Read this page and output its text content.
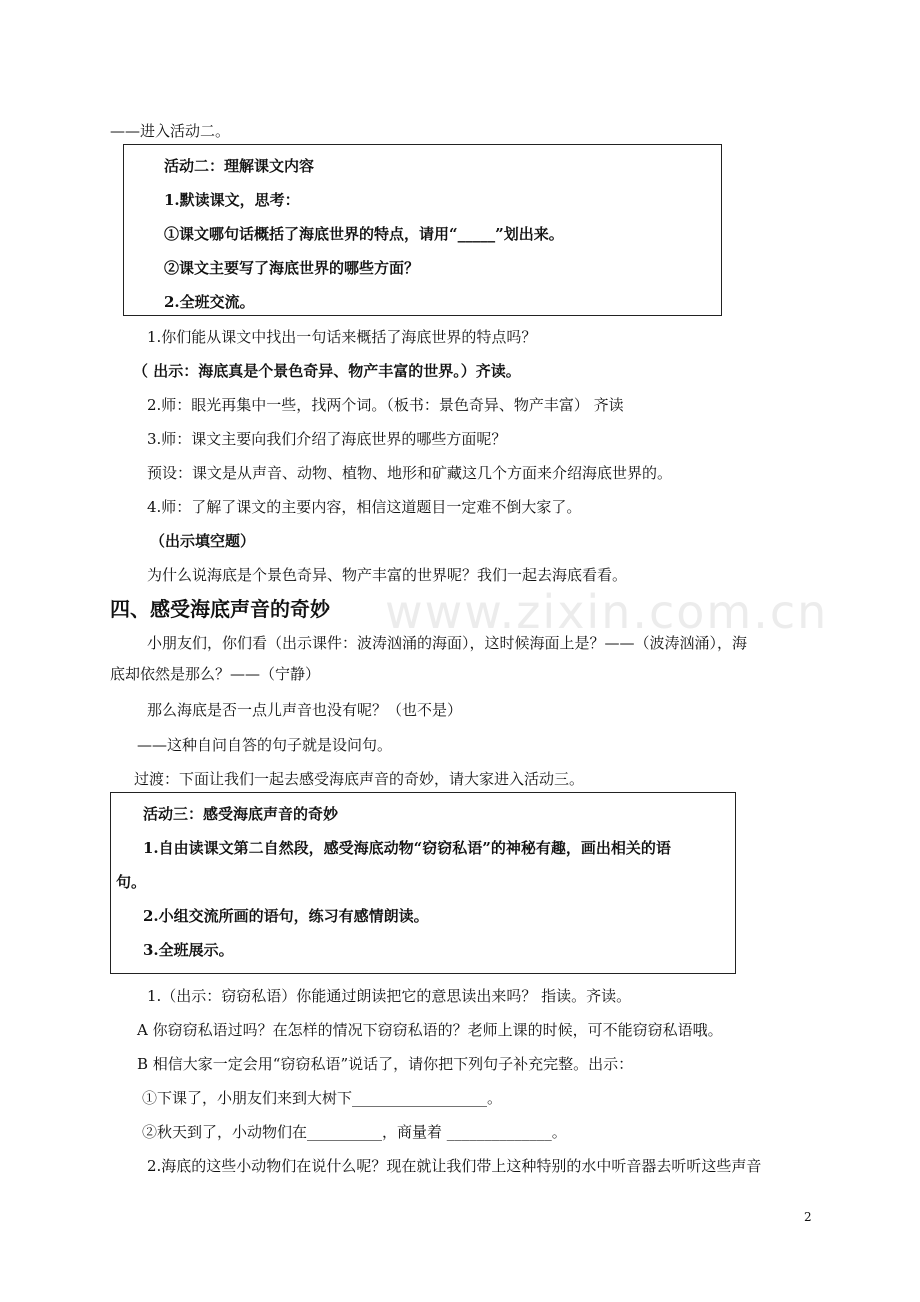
www.zixin.com.cn
——进入活动二。
活动二：理解课文内容
1.默读课文，思考：
①课文哪句话概括了海底世界的特点，请用“_____”划出来。
②课文主要写了海底世界的哪些方面？
2.全班交流。
1.你们能从课文中找出一句话来概括了海底世界的特点吗？
（ 出示：海底真是个景色奇异、物产丰富的世界。）齐读。
2.师：眼光再集中一些，找两个词。（板书：景色奇异、物产丰富） 齐读
3.师：课文主要向我们介绍了海底世界的哪些方面呢？
预设：课文是从声音、动物、植物、地形和矿藏这几个方面来介绍海底世界的。
4.师：了解了课文的主要内容，相信这道题目一定难不倒大家了。
（出示填空题）
为什么说海底是个景色奇异、物产丰富的世界呢？我们一起去海底看看。
四、感受海底声音的奇妙
小朋友们，你们看（出示课件：波涛汹涌的海面），这时候海面上是？——（波涛汹涌），海
底却依然是那么？——（宁静）
那么海底是否一点儿声音也没有呢？（也不是）
——这种自问自答的句子就是设问句。
过渡：下面让我们一起去感受海底声音的奇妙，请大家进入活动三。
活动三：感受海底声音的奇妙
1.自由读课文第二自然段，感受海底动物“窃窃私语”的神秘有趣，画出相关的语
句。
2.小组交流所画的语句，练习有感情朗读。
3.全班展示。
1.（出示：窃窃私语）你能通过朗读把它的意思读出来吗？ 指读。齐读。
A 你窃窃私语过吗？在怎样的情况下窃窃私语的？老师上课的时候，可不能窃窃私语哦。
B 相信大家一定会用“窃窃私语”说话了，请你把下列句子补充完整。出示：
①下课了，小朋友们来到大树下__________________。
②秋天到了，小动物们在__________，商量着 ______________。
2.海底的这些小动物们在说什么呢？现在就让我们带上这种特别的水中听音器去听听这些声音
2
